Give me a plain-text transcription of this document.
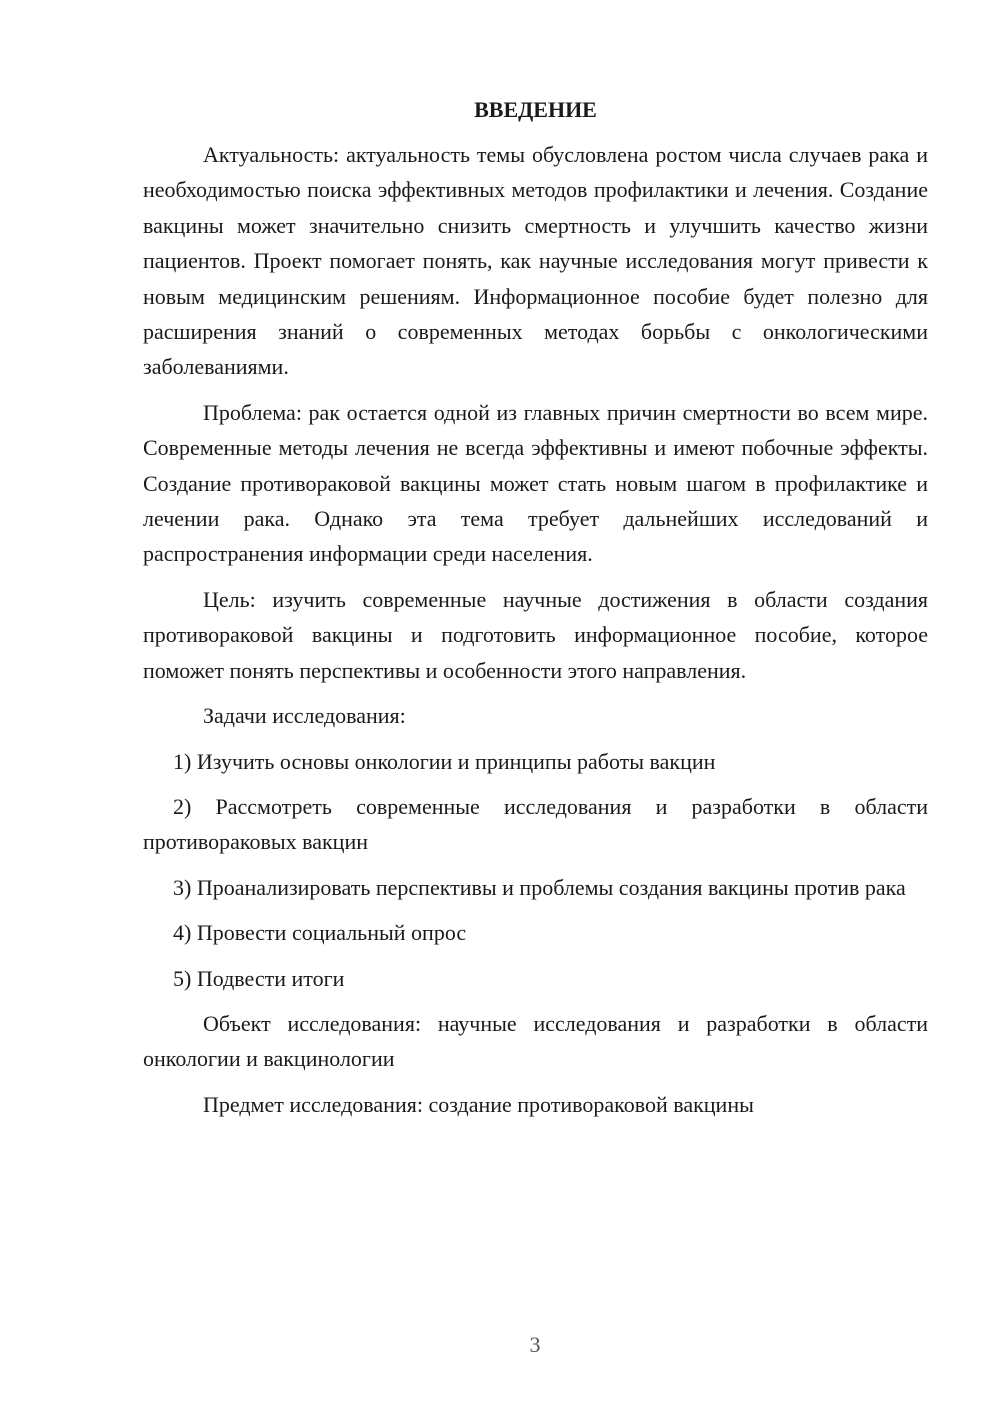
ВВЕДЕНИЕ

Актуальность: актуальность темы обусловлена ростом числа случаев рака и необходимостью поиска эффективных методов профилактики и лечения. Создание вакцины может значительно снизить смертность и улучшить качество жизни пациентов. Проект помогает понять, как научные исследования могут привести к новым медицинским решениям. Информационное пособие будет полезно для расширения знаний о современных методах борьбы с онкологическими заболеваниями.

Проблема: рак остается одной из главных причин смертности во всем мире. Современные методы лечения не всегда эффективны и имеют побочные эффекты. Создание противораковой вакцины может стать новым шагом в профилактике и лечении рака. Однако эта тема требует дальнейших исследований и распространения информации среди населения.

Цель: изучить современные научные достижения в области создания противораковой вакцины и подготовить информационное пособие, которое поможет понять перспективы и особенности этого направления.

Задачи исследования:

1) Изучить основы онкологии и принципы работы вакцин

2) Рассмотреть современные исследования и разработки в области противораковых вакцин

3) Проанализировать перспективы и проблемы создания вакцины против рака

4) Провести социальный опрос

5) Подвести итоги

Объект исследования: научные исследования и разработки в области онкологии и вакцинологии

Предмет исследования: создание противораковой вакцины

3
